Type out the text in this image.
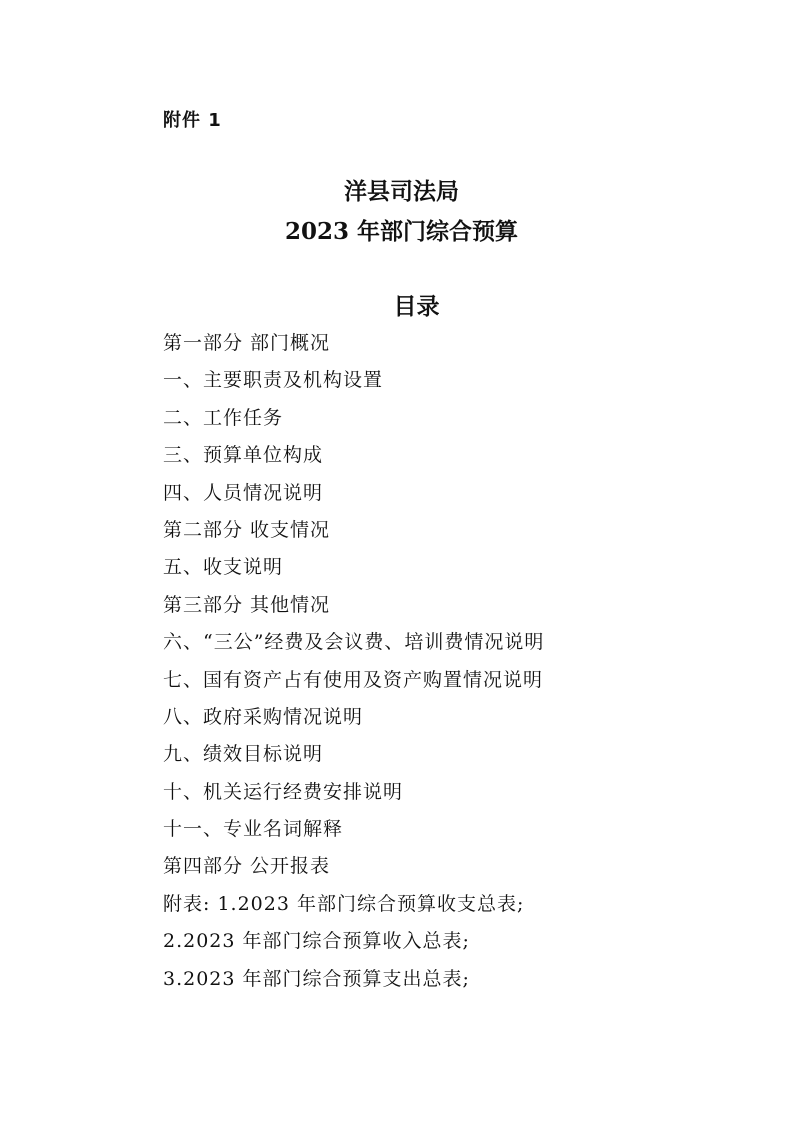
附件 1
洋县司法局
2023 年部门综合预算
目录
第一部分 部门概况
一、主要职责及机构设置
二、工作任务
三、预算单位构成
四、人员情况说明
第二部分 收支情况
五、收支说明
第三部分 其他情况
六、“三公”经费及会议费、培训费情况说明
七、国有资产占有使用及资产购置情况说明
八、政府采购情况说明
九、绩效目标说明
十、机关运行经费安排说明
十一、专业名词解释
第四部分 公开报表
附表: 1.2023 年部门综合预算收支总表;
2.2023 年部门综合预算收入总表;
3.2023 年部门综合预算支出总表;
